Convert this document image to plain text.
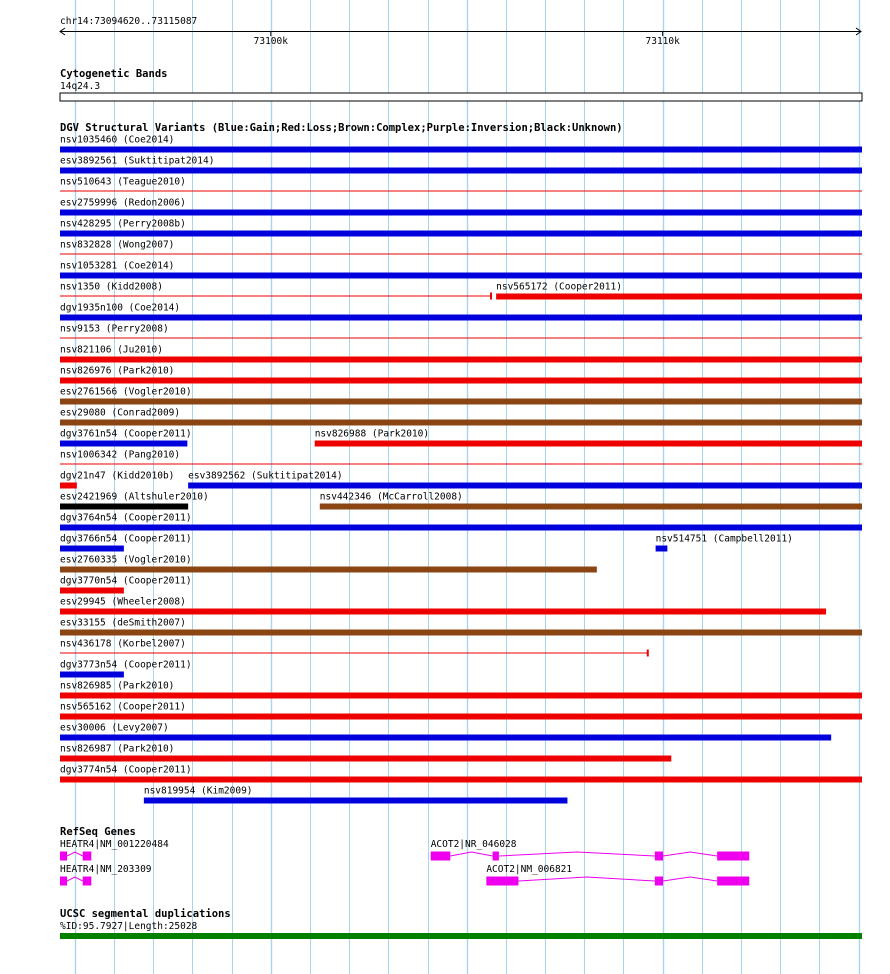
chr14:73094620..73115087
73100k	73110k
Cytogenetic Bands
14q24.3
DGV Structural Variants (Blue:Gain;Red:Loss;Brown:Complex;Purple:Inversion;Black:Unknown)
nsv1035460 (Coe2014)
esv3892561 (Suktitipat2014)
nsv510643 (Teague2010)
esv2759996 (Redon2006)
nsv428295 (Perry2008b)
nsv832828 (Wong2007)
nsv1053281 (Coe2014)
nsv1350 (Kidd2008)	nsv565172 (Cooper2011)
dgv1935n100 (Coe2014)
nsv9153 (Perry2008)
nsv821106 (Ju2010)
nsv826976 (Park2010)
esv2761566 (Vogler2010)
esv29080 (Conrad2009)
dgv3761n54 (Cooper2011)	nsv826988 (Park2010)
nsv1006342 (Pang2010)
dgv21n47 (Kidd2010b) esv3892562 (Suktitipat2014)
esv2421969 (Altshuler2010)	nsv442346 (McCarroll2008)
dgv3764n54 (Cooper2011)
dgv3766n54 (Cooper2011)	nsv514751 (Campbell2011)
esv2760335 (Vogler2010)
dgv3770n54 (Cooper2011)
esv29945 (Wheeler2008)
esv33155 (deSmith2007)
nsv436178 (Korbel2007)
dgv3773n54 (Cooper2011)
nsv826985 (Park2010)
nsv565162 (Cooper2011)
esv30006 (Levy2007)
nsv826987 (Park2010)
dgv3774n54 (Cooper2011)
nsv819954 (Kim2009)
RefSeq Genes
HEATR4|NM_001220484	ACOT2|NR_046028
HEATR4|NM_203309	ACOT2|NM_006821
UCSC segmental duplications
%ID:95.7927|Length:25028
